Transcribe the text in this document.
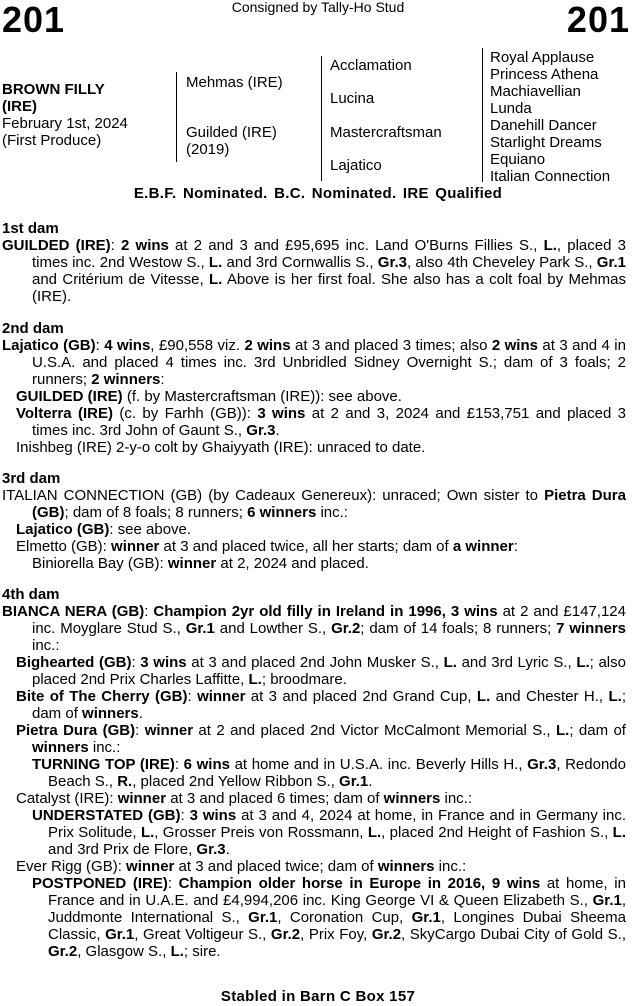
201	Consigned by Tally-Ho Stud	201
BROWN FILLY
(IRE)
February 1st, 2024
(First Produce)
Mehmas (IRE)
Guilded (IRE)
(2019)
Acclamation
Lucina
Mastercraftsman
Lajatico
Royal Applause
Princess Athena
Machiavellian
Lunda
Danehill Dancer
Starlight Dreams
Equiano
Italian Connection
E.B.F. Nominated. B.C. Nominated. IRE Qualified
1st dam

GUILDED (IRE): 2 wins at 2 and 3 and £95,695 inc. Land O'Burns Fillies S., L., placed 3 times inc. 2nd Westow S., L. and 3rd Cornwallis S., Gr.3, also 4th Cheveley Park S., Gr.1 and Critérium de Vitesse, L. Above is her first foal. She also has a colt foal by Mehmas (IRE).

2nd dam

Lajatico (GB): 4 wins, £90,558 viz. 2 wins at 3 and placed 3 times; also 2 wins at 3 and 4 in U.S.A. and placed 4 times inc. 3rd Unbridled Sidney Overnight S.; dam of 3 foals; 2 runners; 2 winners:

GUILDED (IRE) (f. by Mastercraftsman (IRE)): see above.

Volterra (IRE) (c. by Farhh (GB)): 3 wins at 2 and 3, 2024 and £153,751 and placed 3 times inc. 3rd John of Gaunt S., Gr.3.

Inishbeg (IRE) 2-y-o colt by Ghaiyyath (IRE): unraced to date.

3rd dam

ITALIAN CONNECTION (GB) (by Cadeaux Genereux): unraced; Own sister to Pietra Dura (GB); dam of 8 foals; 8 runners; 6 winners inc.:

Lajatico (GB): see above.

Elmetto (GB): winner at 3 and placed twice, all her starts; dam of a winner:

Biniorella Bay (GB): winner at 2, 2024 and placed.

4th dam

BIANCA NERA (GB): Champion 2yr old filly in Ireland in 1996, 3 wins at 2 and £147,124 inc. Moyglare Stud S., Gr.1 and Lowther S., Gr.2; dam of 14 foals; 8 runners; 7 winners inc.:

Bighearted (GB): 3 wins at 3 and placed 2nd John Musker S., L. and 3rd Lyric S., L.; also placed 2nd Prix Charles Laffitte, L.; broodmare.

Bite of The Cherry (GB): winner at 3 and placed 2nd Grand Cup, L. and Chester H., L.; dam of winners.

Pietra Dura (GB): winner at 2 and placed 2nd Victor McCalmont Memorial S., L.; dam of winners inc.:

TURNING TOP (IRE): 6 wins at home and in U.S.A. inc. Beverly Hills H., Gr.3, Redondo Beach S., R., placed 2nd Yellow Ribbon S., Gr.1.

Catalyst (IRE): winner at 3 and placed 6 times; dam of winners inc.:

UNDERSTATED (GB): 3 wins at 3 and 4, 2024 at home, in France and in Germany inc. Prix Solitude, L., Grosser Preis von Rossmann, L., placed 2nd Height of Fashion S., L. and 3rd Prix de Flore, Gr.3.

Ever Rigg (GB): winner at 3 and placed twice; dam of winners inc.:

POSTPONED (IRE): Champion older horse in Europe in 2016, 9 wins at home, in France and in U.A.E. and £4,994,206 inc. King George VI & Queen Elizabeth S., Gr.1, Juddmonte International S., Gr.1, Coronation Cup, Gr.1, Longines Dubai Sheema Classic, Gr.1, Great Voltigeur S., Gr.2, Prix Foy, Gr.2, SkyCargo Dubai City of Gold S., Gr.2, Glasgow S., L.; sire.

Stabled in Barn C Box 157
